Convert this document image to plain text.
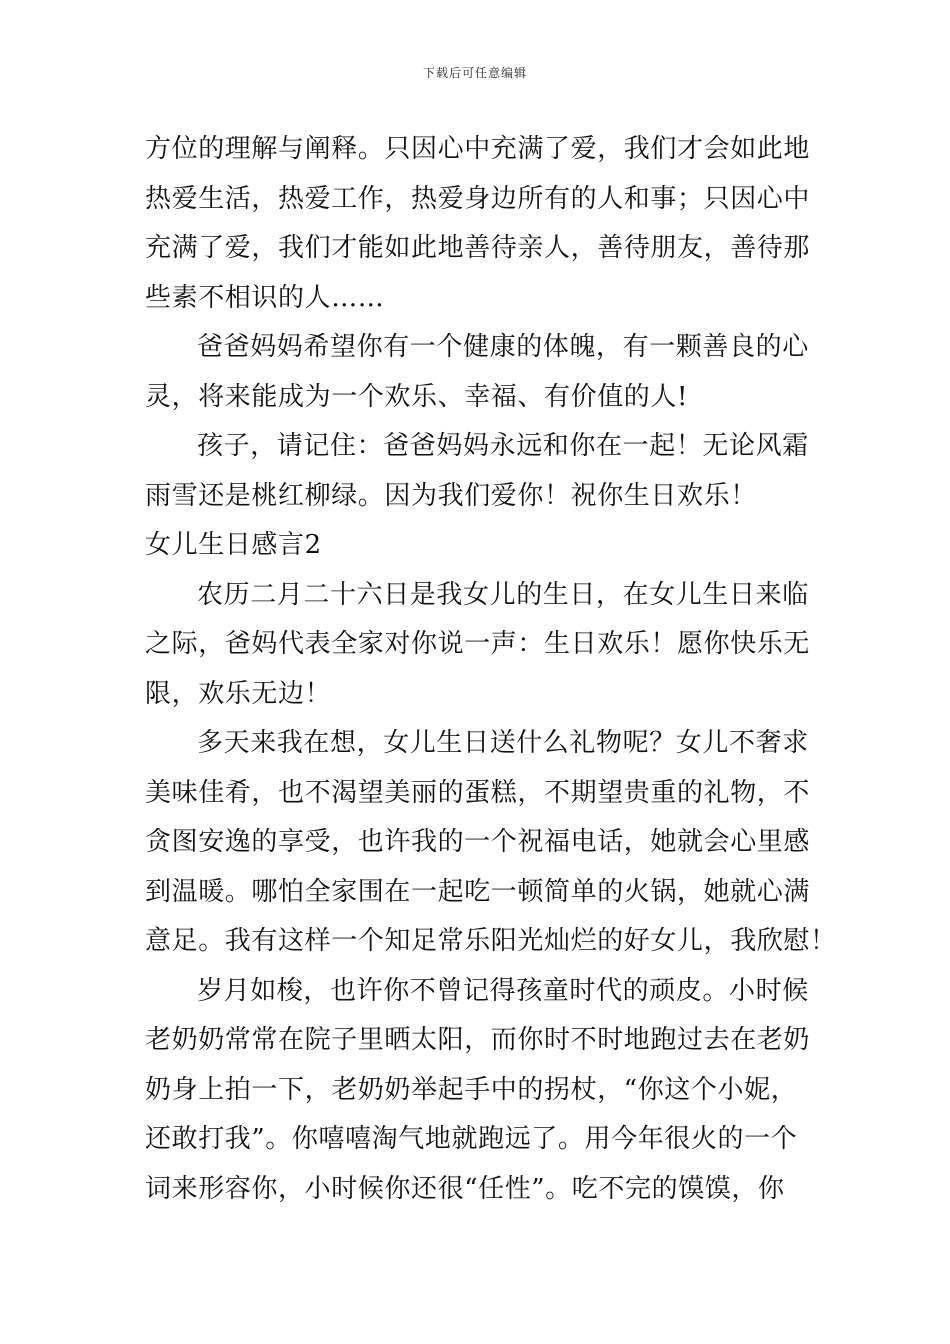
下载后可任意编辑
方位的理解与阐释。只因心中充满了爱，我们才会如此地
热爱生活，热爱工作，热爱身边所有的人和事；只因心中
充满了爱，我们才能如此地善待亲人，善待朋友，善待那
些素不相识的人……
爸爸妈妈希望你有一个健康的体魄，有一颗善良的心
灵，将来能成为一个欢乐、幸福、有价值的人!
孩子，请记住：爸爸妈妈永远和你在一起！无论风霜
雨雪还是桃红柳绿。因为我们爱你！祝你生日欢乐！
女儿生日感言2
农历二月二十六日是我女儿的生日，在女儿生日来临
之际，爸妈代表全家对你说一声：生日欢乐！愿你快乐无
限，欢乐无边！
多天来我在想，女儿生日送什么礼物呢？女儿不奢求
美味佳肴，也不渴望美丽的蛋糕，不期望贵重的礼物，不
贪图安逸的享受，也许我的一个祝福电话，她就会心里感
到温暖。哪怕全家围在一起吃一顿简单的火锅，她就心满
意足。我有这样一个知足常乐阳光灿烂的好女儿，我欣慰！
岁月如梭，也许你不曾记得孩童时代的顽皮。小时候
老奶奶常常在院子里晒太阳，而你时不时地跑过去在老奶
奶身上拍一下，老奶奶举起手中的拐杖，“你这个小妮，
还敢打我”。你嘻嘻淘气地就跑远了。用今年很火的一个
词来形容你，小时候你还很“任性”。吃不完的馍馍，你
